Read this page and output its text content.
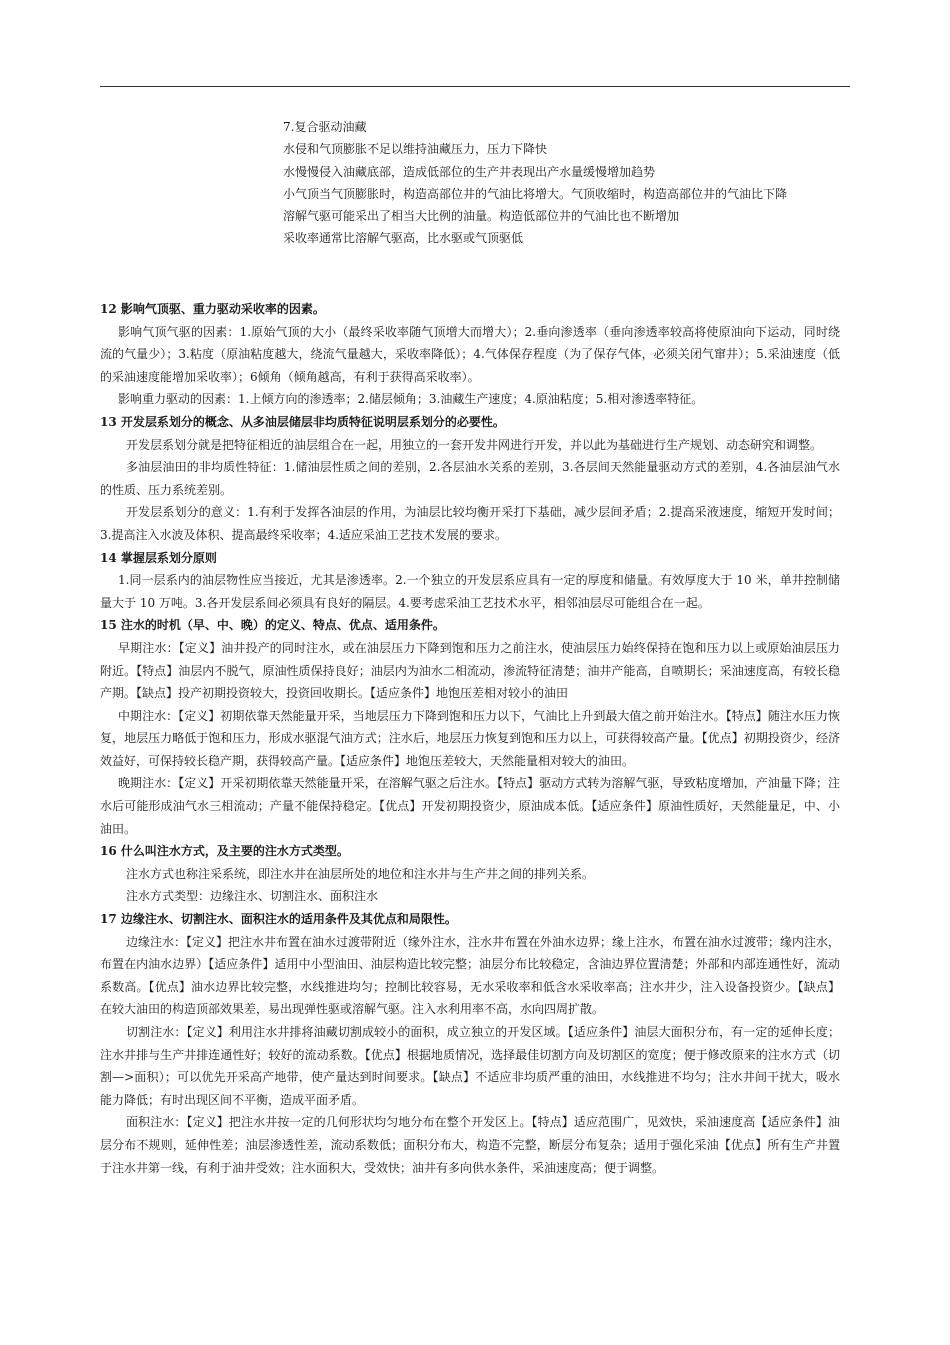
7.复合驱动油藏

水侵和气顶膨胀不足以维持油藏压力，压力下降快

水慢慢侵入油藏底部，造成低部位的生产井表现出产水量缓慢增加趋势

小气顶当气顶膨胀时，构造高部位井的气油比将增大。气顶收缩时，构造高部位井的气油比下降

溶解气驱可能采出了相当大比例的油量。构造低部位井的气油比也不断增加

采收率通常比溶解气驱高，比水驱或气顶驱低

12 影响气顶驱、重力驱动采收率的因素。

影响气顶气驱的因素：1.原始气顶的大小（最终采收率随气顶增大而增大）；2.垂向渗透率（垂向渗透率较高将使原油向下运动，同时绕流的气量少）；3.粘度（原油粘度越大，绕流气量越大，采收率降低）；4.气体保存程度（为了保存气体，必须关闭气窜井）；5.采油速度（低的采油速度能增加采收率）；6倾角（倾角越高，有利于获得高采收率）。

影响重力驱动的因素：1.上倾方向的渗透率；2.储层倾角；3.油藏生产速度；4.原油粘度；5.相对渗透率特征。

13 开发层系划分的概念、从多油层储层非均质特征说明层系划分的必要性。

开发层系划分就是把特征相近的油层组合在一起，用独立的一套开发井网进行开发，并以此为基础进行生产规划、动态研究和调整。

多油层油田的非均质性特征：1.储油层性质之间的差别，2.各层油水关系的差别，3.各层间天然能量驱动方式的差别，4.各油层油气水的性质、压力系统差别。

开发层系划分的意义：1.有利于发挥各油层的作用，为油层比较均衡开采打下基础，减少层间矛盾；2.提高采液速度，缩短开发时间；3.提高注入水波及体积、提高最终采收率；4.适应采油工艺技术发展的要求。

14 掌握层系划分原则

1.同一层系内的油层物性应当接近，尤其是渗透率。2.一个独立的开发层系应具有一定的厚度和储量。有效厚度大于 10 米，单井控制储量大于 10 万吨。3.各开发层系间必须具有良好的隔层。4.要考虑采油工艺技术水平，相邻油层尽可能组合在一起。

15 注水的时机（早、中、晚）的定义、特点、优点、适用条件。

早期注水：【定义】油井投产的同时注水，或在油层压力下降到饱和压力之前注水，使油层压力始终保持在饱和压力以上或原始油层压力附近。【特点】油层内不脱气，原油性质保持良好；油层内为油水二相流动，渗流特征清楚；油井产能高，自喷期长；采油速度高，有较长稳产期。【缺点】投产初期投资较大，投资回收期长。【适应条件】地饱压差相对较小的油田

中期注水：【定义】初期依靠天然能量开采，当地层压力下降到饱和压力以下，气油比上升到最大值之前开始注水。【特点】随注水压力恢复，地层压力略低于饱和压力，形成水驱混气油方式；注水后，地层压力恢复到饱和压力以上，可获得较高产量。【优点】初期投资少，经济效益好，可保持较长稳产期，获得较高产量。【适应条件】地饱压差较大，天然能量相对较大的油田。

晚期注水：【定义】开采初期依靠天然能量开采，在溶解气驱之后注水。【特点】驱动方式转为溶解气驱，导致粘度增加，产油量下降；注水后可能形成油气水三相流动；产量不能保持稳定。【优点】开发初期投资少，原油成本低。【适应条件】原油性质好，天然能量足，中、小油田。

16 什么叫注水方式，及主要的注水方式类型。

注水方式也称注采系统，即注水井在油层所处的地位和注水井与生产井之间的排列关系。

注水方式类型：边缘注水、切割注水、面积注水

17 边缘注水、切割注水、面积注水的适用条件及其优点和局限性。

边缘注水：【定义】把注水井布置在油水过渡带附近（缘外注水，注水井布置在外油水边界；缘上注水，布置在油水过渡带；缘内注水，布置在内油水边界）【适应条件】适用中小型油田、油层构造比较完整；油层分布比较稳定，含油边界位置清楚；外部和内部连通性好，流动系数高。【优点】油水边界比较完整，水线推进均匀；控制比较容易，无水采收率和低含水采收率高；注水井少，注入设备投资少。【缺点】在较大油田的构造顶部效果差，易出现弹性驱或溶解气驱。注入水利用率不高，水向四周扩散。

切割注水：【定义】利用注水井排将油藏切割成较小的面积，成立独立的开发区域。【适应条件】油层大面积分布，有一定的延伸长度；注水井排与生产井排连通性好；较好的流动系数。【优点】根据地质情况，选择最佳切割方向及切割区的宽度；便于修改原来的注水方式（切割—>面积）；可以优先开采高产地带，使产量达到时间要求。【缺点】不适应非均质严重的油田，水线推进不均匀；注水井间干扰大，吸水能力降低；有时出现区间不平衡，造成平面矛盾。

面积注水：【定义】把注水井按一定的几何形状均匀地分布在整个开发区上。【特点】适应范围广，见效快，采油速度高【适应条件】油层分布不规则，延伸性差；油层渗透性差，流动系数低；面积分布大，构造不完整，断层分布复杂；适用于强化采油【优点】所有生产井置于注水井第一线，有利于油井受效；注水面积大，受效快；油井有多向供水条件，采油速度高；便于调整。
